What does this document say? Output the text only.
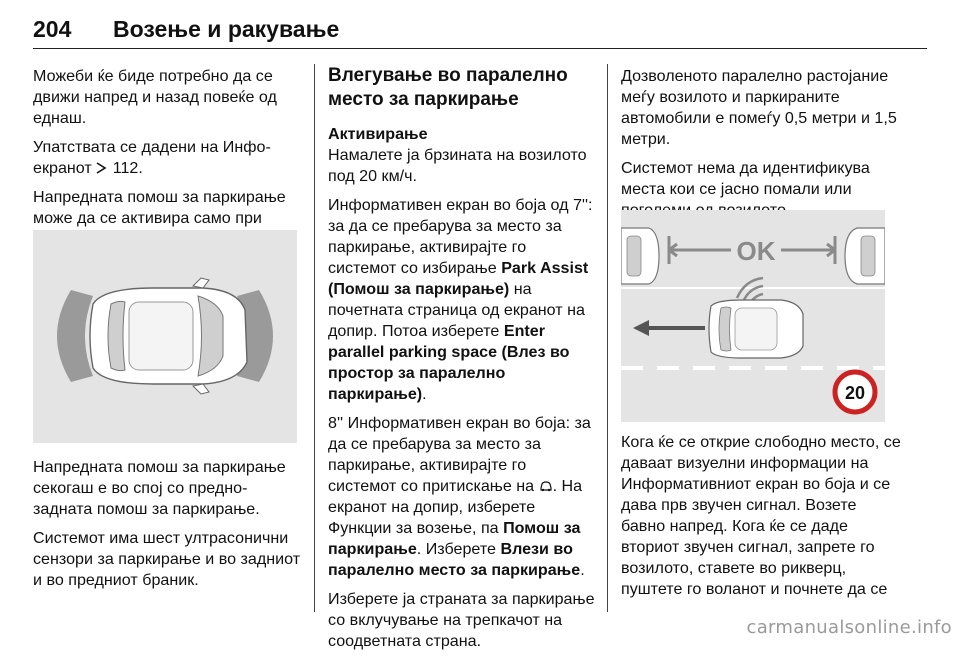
204	Возење и ракување

Можеби ќе биде потребно да се движи напред и назад повеќе од еднаш.

Упатствата се дадени на Инфо-екранот 112.

Напредната помош за паркирање може да се активира само при

Напредната помош за паркирање секогаш е во спој со предно-задната помош за паркирање.

Системот има шест ултрасонични сензори за паркирање и во задниот и во предниот браник.

Влегување во паралелно место за паркирање
Активирање

Намалете ја брзината на возилото под 20 км/ч.

Информативен екран во боја од 7'': за да се пребарува за место за паркирање, активирајте го системот со избирање Park Assist (Помош за паркирање) на почетната страница од екранот на допир. Потоа изберете Enter parallel parking space (Влез во простор за паралелно паркирање).

8'' Информативен екран во боја: за да се пребарува за место за паркирање, активирајте го системот со притискање на . На екранот на допир, изберете Функции за возење, па Помош за паркирање. Изберете Влези во паралелно место за паркирање.

Изберете ја страната за паркирање со вклучување на трепкачот на соодветната страна.

Дозволеното паралелно растојание меѓу возилото и паркираните автомобили е помеѓу 0,5 метри и 1,5 метри.

Системот нема да идентификува места кои се јасно помали или

OK
20

Кога ќе се открие слободно место, се даваат визуелни информации на Информативниот екран во боја и се дава прв звучен сигнал. Возете бавно напред. Кога ќе се даде вториот звучен сигнал, запрете го возилото, ставете во рикверц, пуштете го воланот и почнете да се

carmanualsonline.info
